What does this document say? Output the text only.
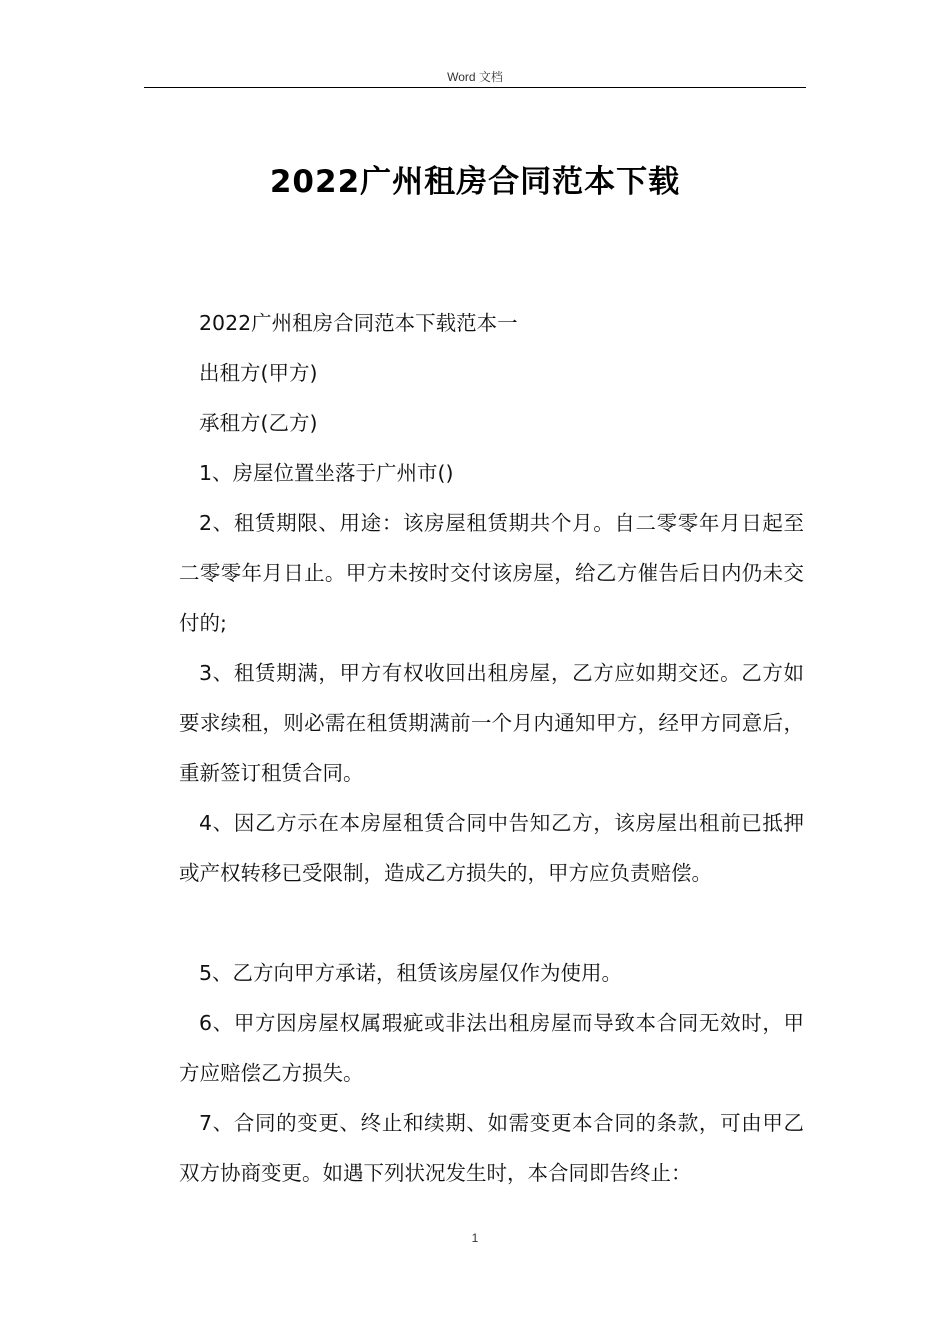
Word 文档
2022广州租房合同范本下载

2022广州租房合同范本下载范本一

出租方(甲方)

承租方(乙方)

1、房屋位置坐落于广州市()

2、租赁期限、用途：该房屋租赁期共个月。自二零零年月日起至二零零年月日止。甲方未按时交付该房屋，给乙方催告后日内仍未交付的;

3、租赁期满，甲方有权收回出租房屋，乙方应如期交还。乙方如要求续租，则必需在租赁期满前一个月内通知甲方，经甲方同意后，重新签订租赁合同。

4、因乙方示在本房屋租赁合同中告知乙方，该房屋出租前已抵押或产权转移已受限制，造成乙方损失的，甲方应负责赔偿。

5、乙方向甲方承诺，租赁该房屋仅作为使用。

6、甲方因房屋权属瑕疵或非法出租房屋而导致本合同无效时，甲方应赔偿乙方损失。

7、合同的变更、终止和续期、如需变更本合同的条款，可由甲乙双方协商变更。如遇下列状况发生时，本合同即告终止：

1
